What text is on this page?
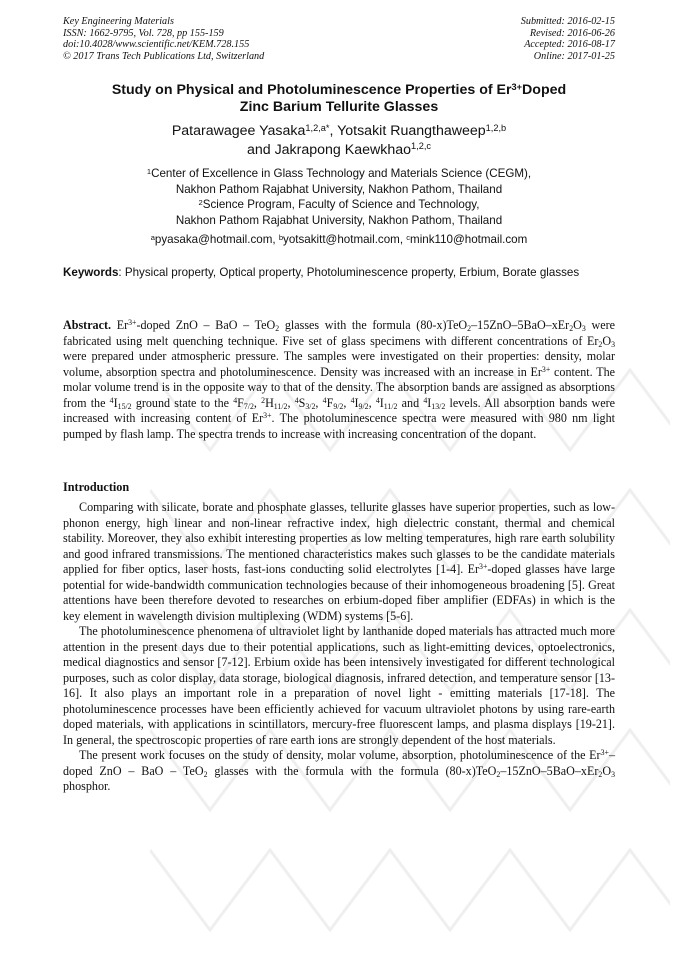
Key Engineering Materials
ISSN: 1662-9795, Vol. 728, pp 155-159
doi:10.4028/www.scientific.net/KEM.728.155
© 2017 Trans Tech Publications Ltd, Switzerland
Submitted: 2016-02-15
Revised: 2016-06-26
Accepted: 2016-08-17
Online: 2017-01-25
Study on Physical and Photoluminescence Properties of $Er^{3+}Doped$
Zinc Barium Tellurite Glasses
Patarawagee Yasaka$^{1,2,a*}$, Yotsakit Ruangthaweep$^{1,2,b}$
and Jakrapong Kaewkhao$^{1,2,c}$
$^1$Center of Excellence in Glass Technology and Materials Science (CEGM),
Nakhon Pathom Rajabhat University, Nakhon Pathom, Thailand
$^2$Science Program, Faculty of Science and Technology,
Nakhon Pathom Rajabhat University, Nakhon Pathom, Thailand
$^a$pyasaka@hotmail.com, $^b$yotsakitt@hotmail.com, $^c$mink110@hotmail.com
Keywords: Physical property, Optical property, Photoluminescence property, Erbium, Borate glasses
Abstract. $Er^{3+}$-doped ZnO – BaO – TeO$_2$ glasses with the formula $(80-x)TeO_2-15ZnO-5BaO-xEr_2O_3$ were fabricated using melt quenching technique. Five set of glass specimens with different concentrations of $Er_2O_3$ were prepared under atmospheric pressure. The samples were investigated on their properties: density, molar volume, absorption spectra and photoluminescence. Density was increased with an increase in $Er^{3+}$ content. The molar volume trend is in the opposite way to that of the density. The absorption bands are assigned as absorptions from the $^4I_{15/2}$ ground state to the $^4F_{7/2}$, $^2H_{11/2}$, $^4S_{3/2}$, $^4F_{9/2}$, $^4I_{9/2}$, $^4I_{11/2}$ and $^4I_{13/2}$ levels. All absorption bands were increased with increasing content of $Er^{3+}$. The photoluminescence spectra were measured with 980 nm light pumped by flash lamp. The spectra trends to increase with increasing concentration of the dopant.
Introduction

Comparing with silicate, borate and phosphate glasses, tellurite glasses have superior properties, such as low-phonon energy, high linear and non-linear refractive index, high dielectric constant, thermal and chemical stability. Moreover, they also exhibit interesting properties as low melting temperatures, high rare earth solubility and good infrared transmissions. The mentioned characteristics makes such glasses to be the candidate materials applied for fiber optics, laser hosts, fast-ions conducting solid electrolytes [1-4]. $Er^{3+}$-doped glasses have large potential for wide-bandwidth communication technologies because of their inhomogeneous broadening [5]. Great attentions have been therefore devoted to researches on erbium-doped fiber amplifier (EDFAs) in which is the key element in wavelength division multiplexing (WDM) systems [5-6].

The photoluminescence phenomena of ultraviolet light by lanthanide doped materials has attracted much more attention in the present days due to their potential applications, such as light-emitting devices, optoelectronics, medical diagnostics and sensor [7-12]. Erbium oxide has been intensively investigated for different technological purposes, such as color display, data storage, biological diagnosis, infrared detection, and temperature sensor [13-16]. It also plays an important role in a preparation of novel light - emitting materials [17-18]. The photoluminescence processes have been efficiently achieved for vacuum ultraviolet photons by using rare-earth doped materials, with applications in scintillators, mercury-free fluorescent lamps, and plasma displays [19-21]. In general, the spectroscopic properties of rare earth ions are strongly dependent of the host materials.

The present work focuses on the study of density, molar volume, absorption, photoluminescence of the $Er^{3+}-$ doped ZnO – BaO – TeO$_2$ glasses with the formula with the formula $(80-x)TeO_2-15ZnO-5BaO-xEr_2O_3$ phosphor.
